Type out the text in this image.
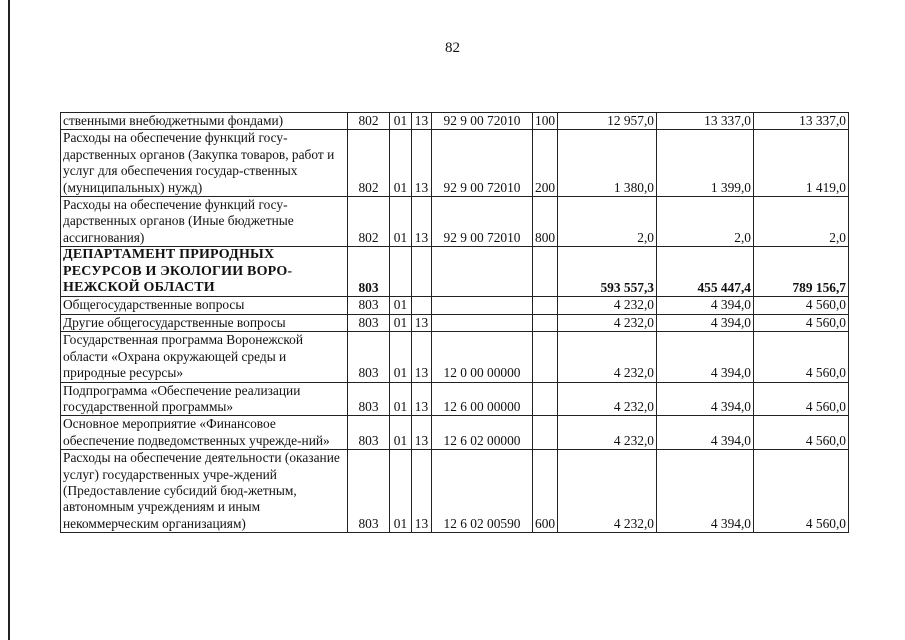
82
ственными внебюджетными фондами)	802	01	13	92 9 00 72010	100	12 957,0	13 337,0	13 337,0
Расходы на обеспечение функций госу-дарственных органов (Закупка товаров, работ и услуг для обеспечения государ-ственных (муниципальных) нужд)	802	01	13	92 9 00 72010	200	1 380,0	1 399,0	1 419,0
Расходы на обеспечение функций госу-дарственных органов (Иные бюджетные ассигнования)	802	01	13	92 9 00 72010	800	2,0	2,0	2,0
ДЕПАРТАМЕНТ ПРИРОДНЫХ РЕСУРСОВ И ЭКОЛОГИИ ВОРО-НЕЖСКОЙ ОБЛАСТИ	803					593 557,3	455 447,4	789 156,7
Общегосударственные вопросы	803	01				4 232,0	4 394,0	4 560,0
Другие общегосударственные вопросы	803	01	13			4 232,0	4 394,0	4 560,0
Государственная программа Воронежской области «Охрана окружающей среды и природные ресурсы»	803	01	13	12 0 00 00000		4 232,0	4 394,0	4 560,0
Подпрограмма «Обеспечение реализации государственной программы»	803	01	13	12 6 00 00000		4 232,0	4 394,0	4 560,0
Основное мероприятие «Финансовое обеспечение подведомственных учрежде-ний»	803	01	13	12 6 02 00000		4 232,0	4 394,0	4 560,0
Расходы на обеспечение деятельности (оказание услуг) государственных учре-ждений (Предоставление субсидий бюд-жетным, автономным учреждениям и иным некоммерческим организациям)	803	01	13	12 6 02 00590	600	4 232,0	4 394,0	4 560,0
